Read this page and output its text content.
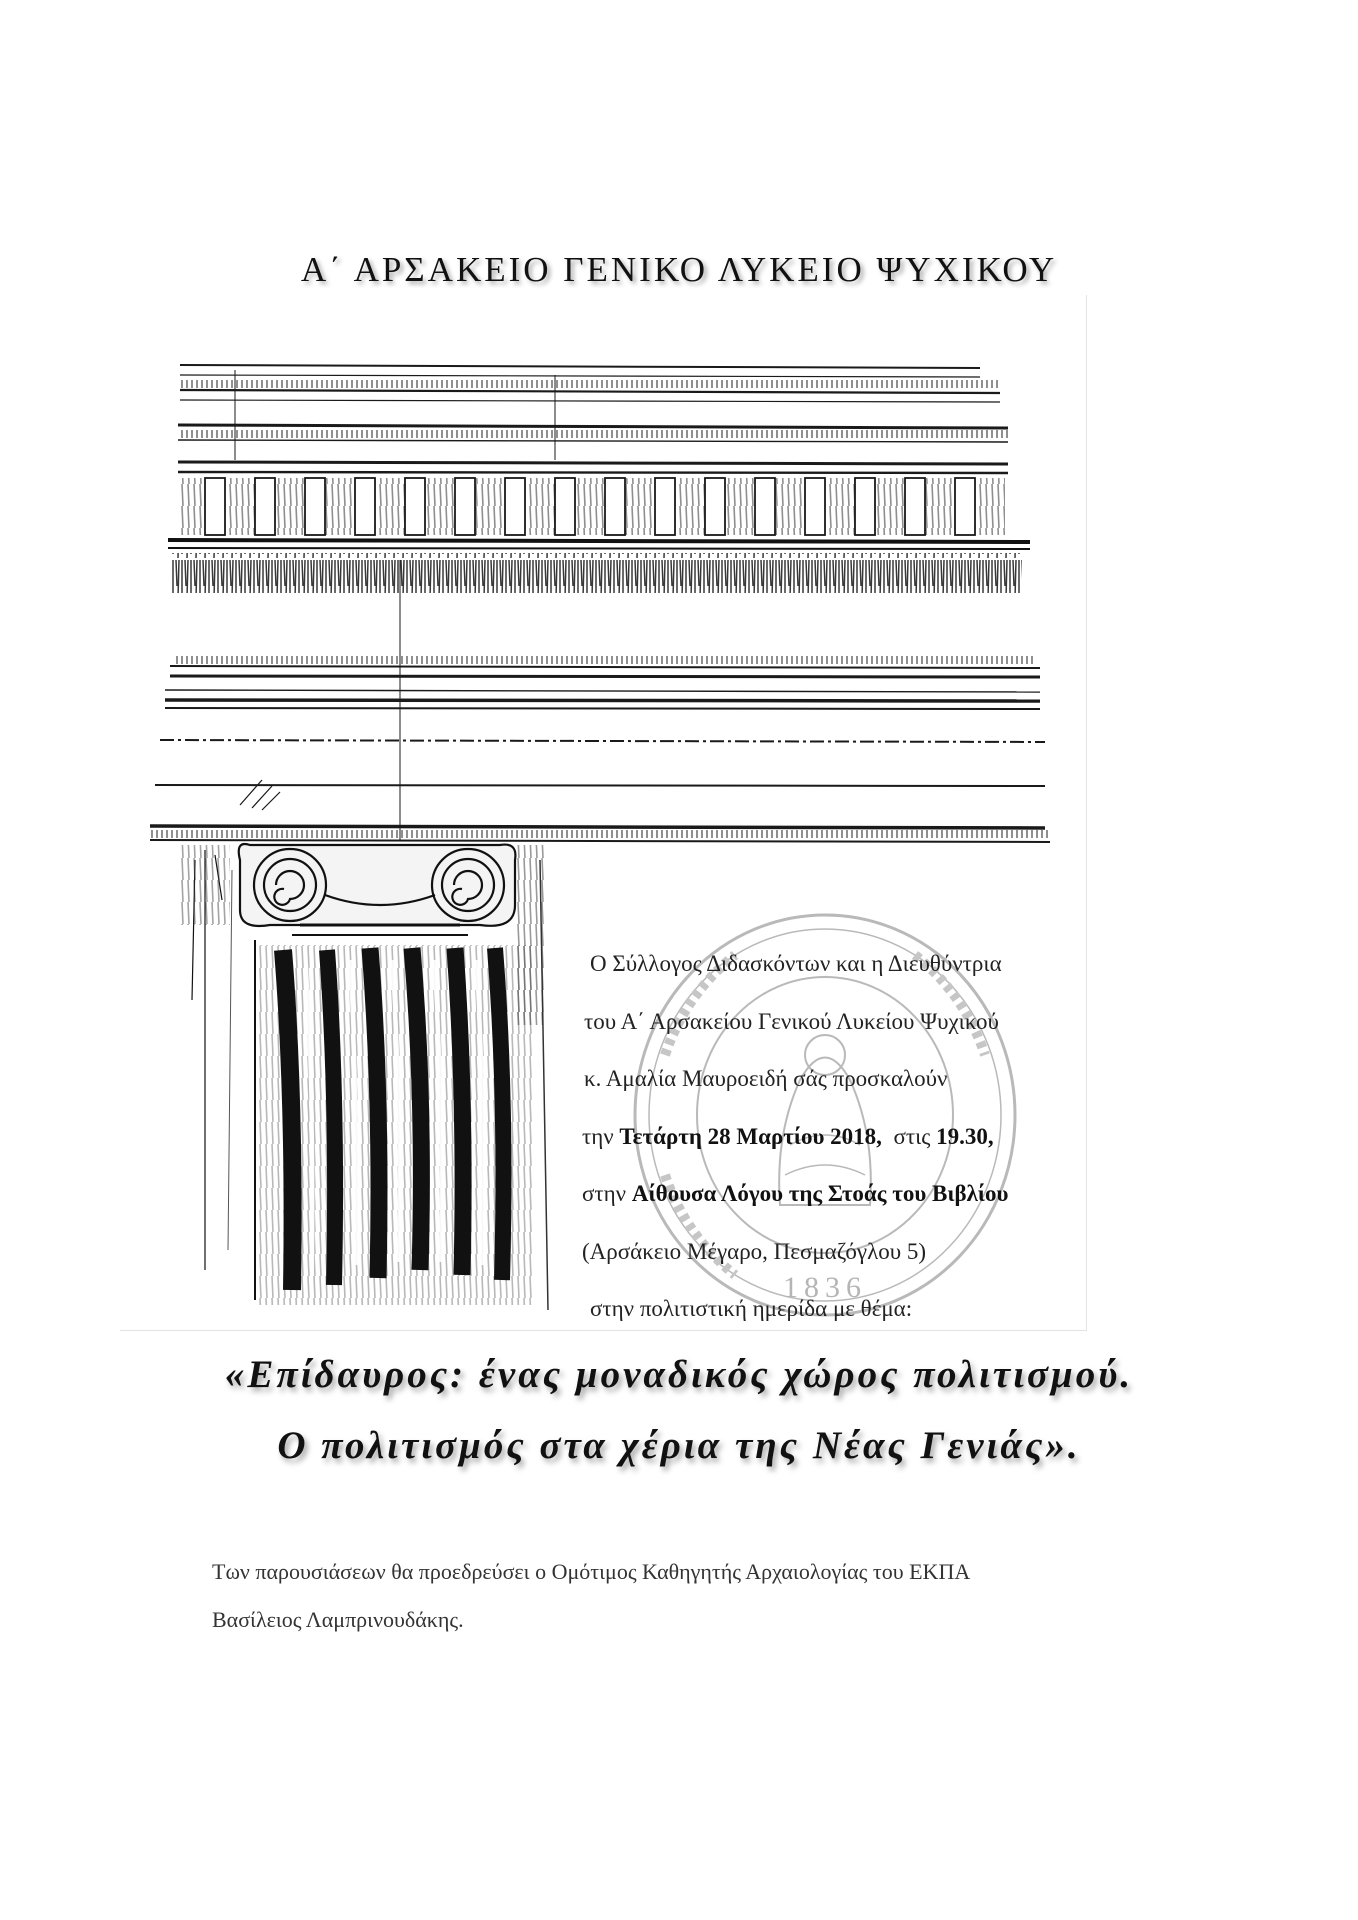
Α΄ ΑΡΣΑΚΕΙΟ ΓΕΝΙΚΟ ΛΥΚΕΙΟ ΨΥΧΙΚΟΥ
1836
Ο Σύλλογος Διδασκόντων και η Διευθύντρια
του Α΄ Αρσακείου Γενικού Λυκείου Ψυχικού
κ. Αμαλία Μαυροειδή σάς προσκαλούν
την Τετάρτη 28 Μαρτίου 2018,  στις 19.30,
στην Αίθουσα Λόγου της Στοάς του Βιβλίου
(Αρσάκειο Μέγαρο, Πεσμαζόγλου 5)
στην πολιτιστική ημερίδα με θέμα:
«Επίδαυρος: ένας μοναδικός χώρος πολιτισμού.
Ο πολιτισμός στα χέρια της Νέας Γενιάς».
Των παρουσιάσεων θα προεδρεύσει ο Ομότιμος Καθηγητής Αρχαιολογίας του ΕΚΠΑ
Βασίλειος Λαμπρινουδάκης.
